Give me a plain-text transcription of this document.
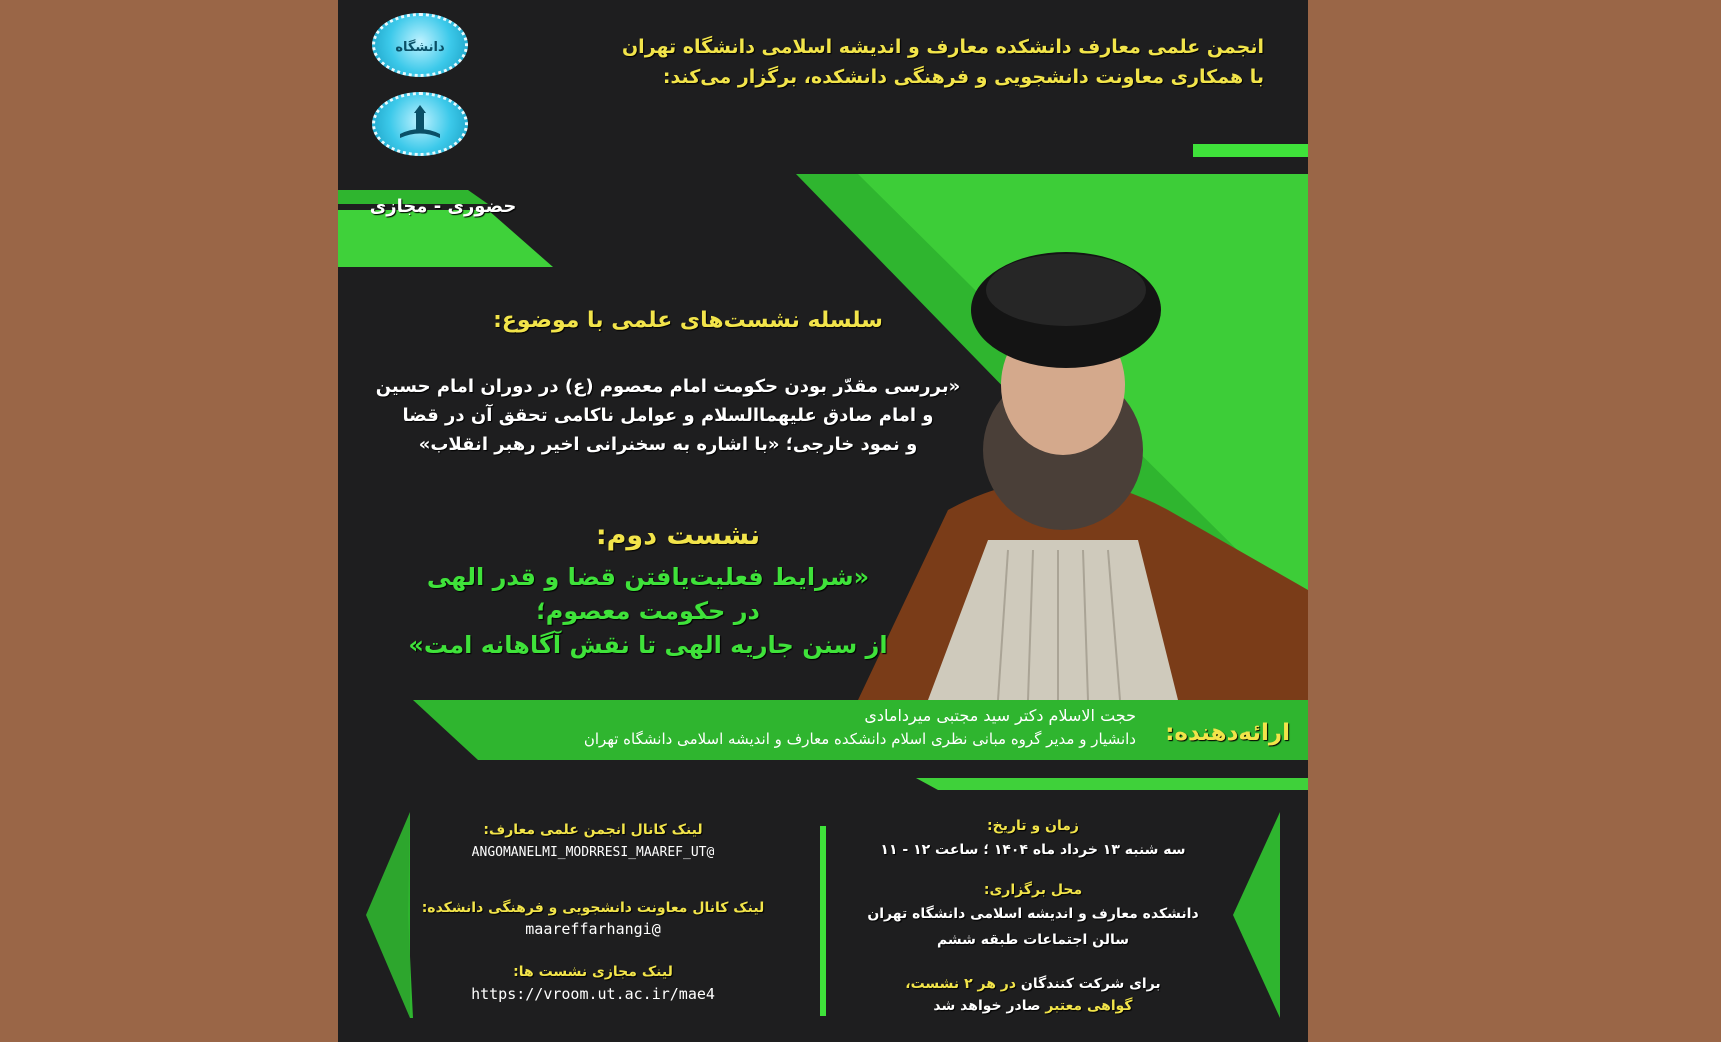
انجمن علمی معارف دانشکده معارف و اندیشه اسلامی دانشگاه تهران
با همکاری معاونت دانشجویی و فرهنگی دانشکده، برگزار می‌کند:
دانشگاه
حضوری - مجازی
سلسله نشست‌های علمی با موضوع:
«بررسی مقدّر بودن حکومت امام معصوم (ع) در دوران امام حسین
و امام صادق علیهماالسلام و عوامل ناکامی تحقق آن در قضا
و نمود خارجی؛ «با اشاره به سخنرانی اخیر رهبر انقلاب»
نشست دوم:
«شرایط فعلیت‌یافتن قضا و قدر الهی
در حکومت معصوم؛
از سنن جاریه الهی تا نقش آگاهانه امت»
ارائه‌دهنده:
حجت الاسلام دکتر سید مجتبی میردامادی
دانشیار و مدیر گروه مبانی نظری اسلام دانشکده معارف و اندیشه اسلامی دانشگاه تهران
زمان و تاریخ:
سه شنبه ۱۳ خرداد ماه ۱۴۰۴ ؛ ساعت ۱۲ - ۱۱
محل برگزاری:
دانشکده معارف و اندیشه اسلامی دانشگاه تهران
سالن اجتماعات طبقه ششم
برای شرکت کنندگان در هر ۲ نشست،
گواهی معتبر صادر خواهد شد
لینک کانال انجمن علمی معارف:
@ANGOMANELMI_MODRRESI_MAAREF_UT
لینک کانال معاونت دانشجویی و فرهنگی دانشکده:
@maareffarhangi
لینک مجازی نشست ها:
https://vroom.ut.ac.ir/mae4
